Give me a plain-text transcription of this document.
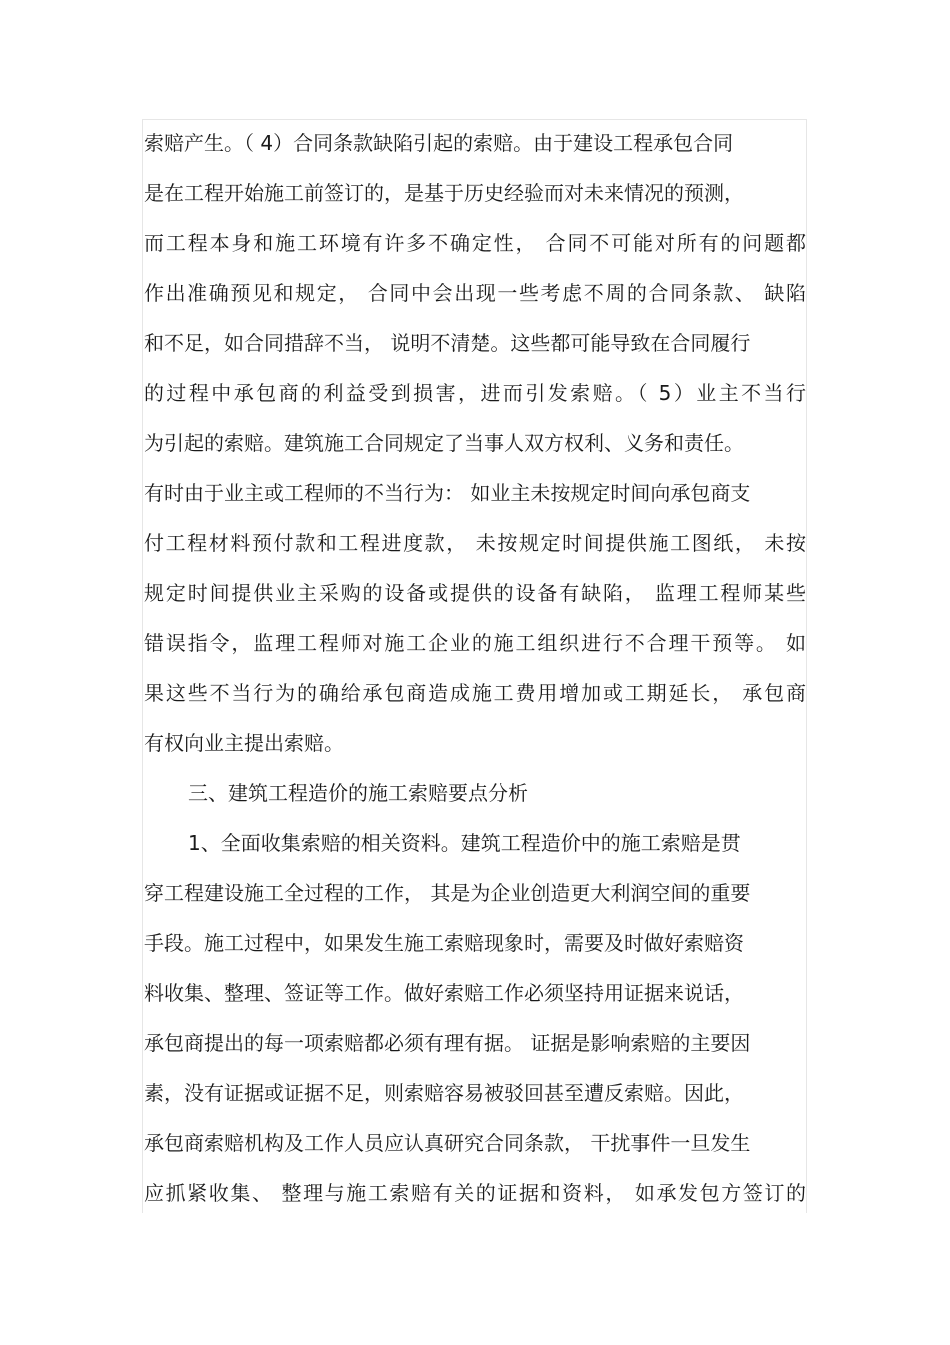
索赔产生。（ 4）合同条款缺陷引起的索赔。由于建设工程承包合同
是在工程开始施工前签订的，是基于历史经验而对未来情况的预测，
而工程本身和施工环境有许多不确定性， 合同不可能对所有的问题都
作出准确预见和规定， 合同中会出现一些考虑不周的合同条款、 缺陷
和不足，如合同措辞不当， 说明不清楚。这些都可能导致在合同履行
的过程中承包商的利益受到损害，进而引发索赔。（ 5）业主不当行
为引起的索赔。建筑施工合同规定了当事人双方权利、义务和责任。
有时由于业主或工程师的不当行为： 如业主未按规定时间向承包商支
付工程材料预付款和工程进度款， 未按规定时间提供施工图纸， 未按
规定时间提供业主采购的设备或提供的设备有缺陷， 监理工程师某些
错误指令，监理工程师对施工企业的施工组织进行不合理干预等。 如
果这些不当行为的确给承包商造成施工费用增加或工期延长， 承包商
有权向业主提出索赔。
三、建筑工程造价的施工索赔要点分析
1、全面收集索赔的相关资料。建筑工程造价中的施工索赔是贯
穿工程建设施工全过程的工作， 其是为企业创造更大利润空间的重要
手段。施工过程中，如果发生施工索赔现象时，需要及时做好索赔资
料收集、整理、签证等工作。做好索赔工作必须坚持用证据来说话，
承包商提出的每一项索赔都必须有理有据。 证据是影响索赔的主要因
素，没有证据或证据不足，则索赔容易被驳回甚至遭反索赔。因此，
承包商索赔机构及工作人员应认真研究合同条款， 干扰事件一旦发生
应抓紧收集、 整理与施工索赔有关的证据和资料， 如承发包方签订的
